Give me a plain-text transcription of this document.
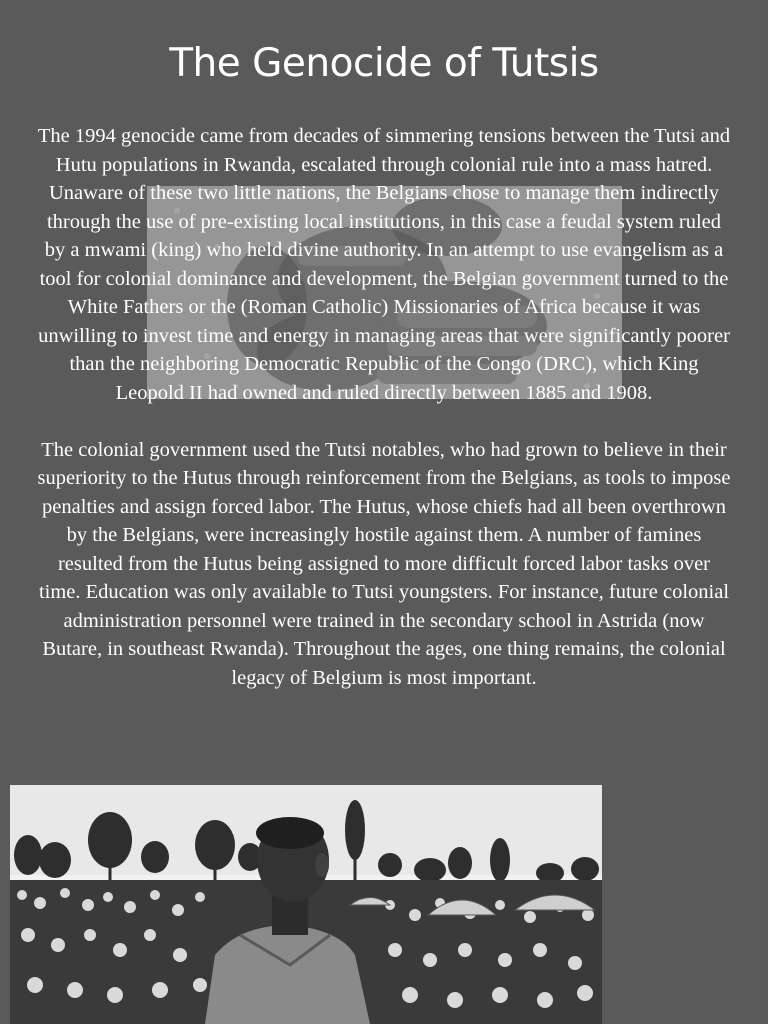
The Genocide of Tutsis

The 1994 genocide came from decades of simmering tensions between the Tutsi and Hutu populations in Rwanda, escalated through colonial rule into a mass hatred.

Unaware of these two little nations, the Belgians chose to manage them indirectly through the use of pre-existing local institutions, in this case a feudal system ruled by a mwami (king) who held divine authority. In an attempt to use evangelism as a tool for colonial dominance and development, the Belgian government turned to the White Fathers or the (Roman Catholic) Missionaries of Africa because it was unwilling to invest time and energy in managing areas that were significantly poorer than the neighboring Democratic Republic of the Congo (DRC), which King Leopold II had owned and ruled directly between 1885 and 1908.

The colonial government used the Tutsi notables, who had grown to believe in their superiority to the Hutus through reinforcement from the Belgians, as tools to impose penalties and assign forced labor. The Hutus, whose chiefs had all been overthrown by the Belgians, were increasingly hostile against them. A number of famines resulted from the Hutus being assigned to more difficult forced labor tasks over time. Education was only available to Tutsi youngsters. For instance, future colonial administration personnel were trained in the secondary school in Astrida (now Butare, in southeast Rwanda). Throughout the ages, one thing remains, the colonial legacy of Belgium is most important.
